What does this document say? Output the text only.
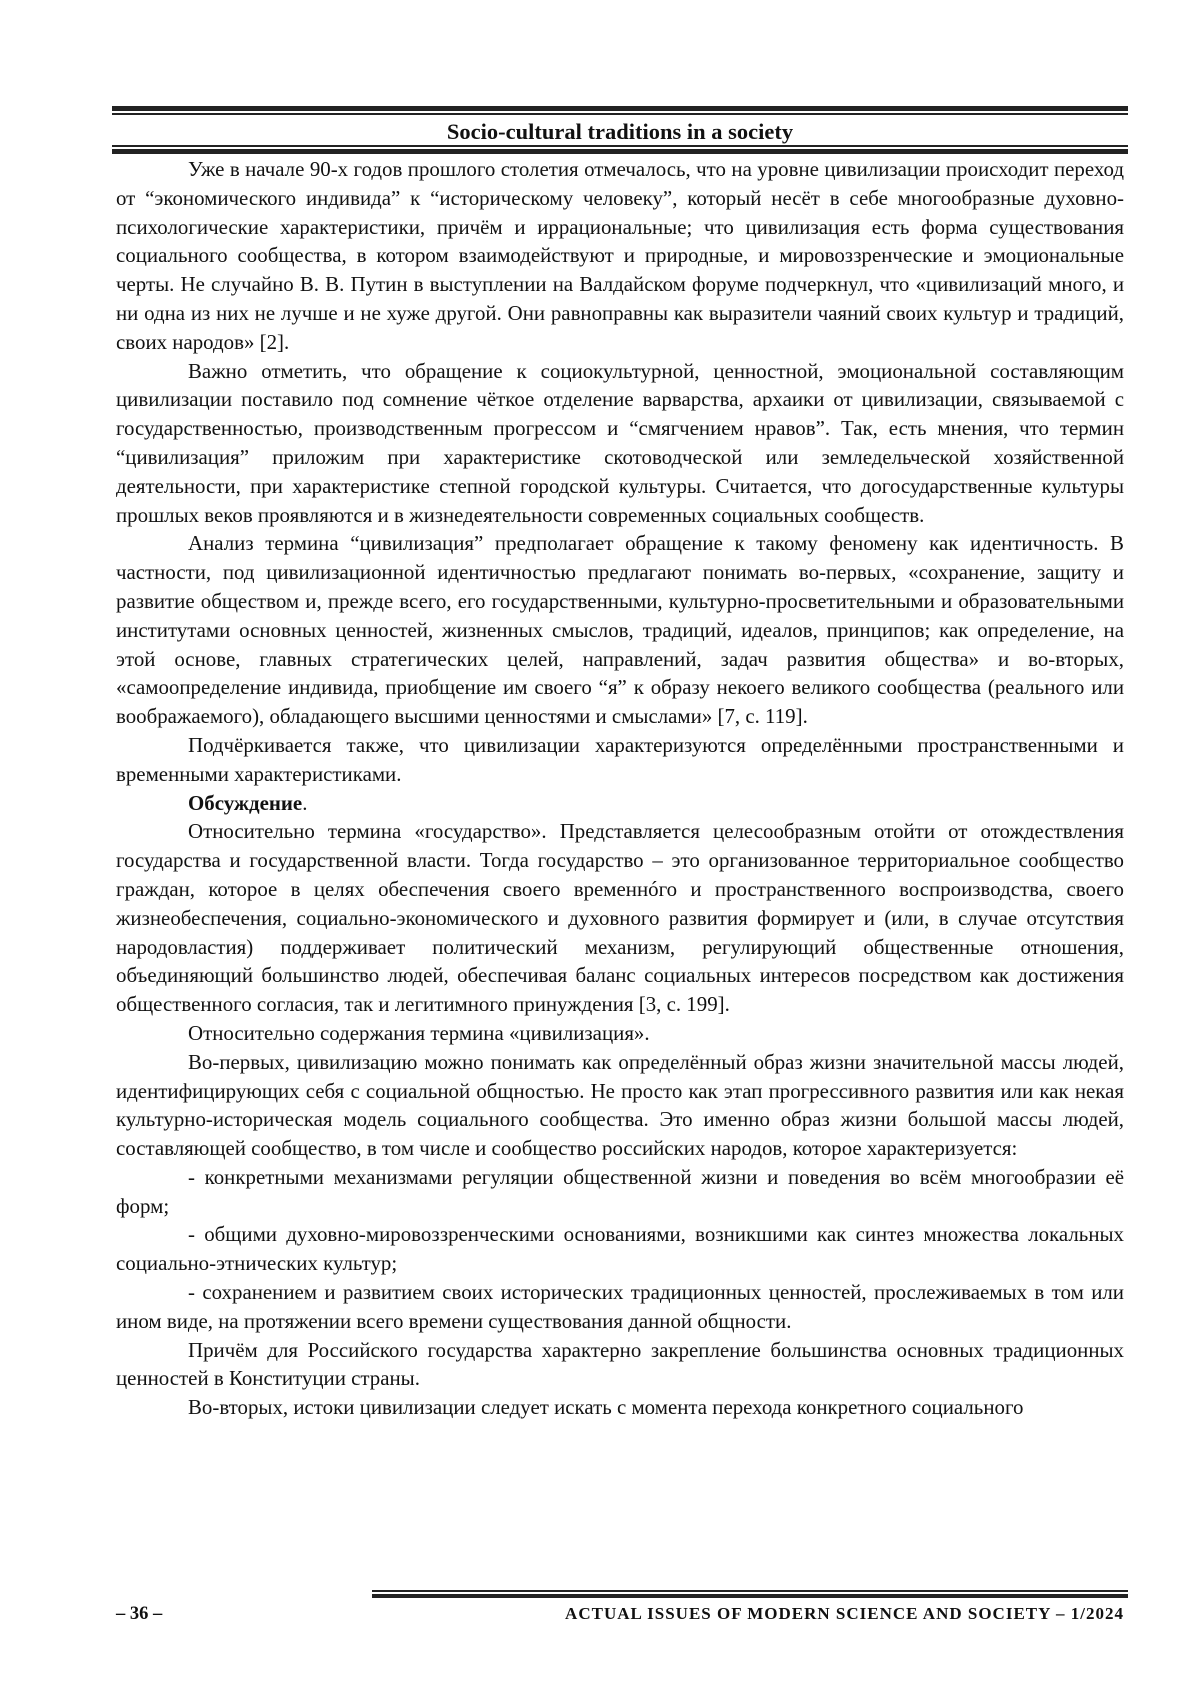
Socio-cultural traditions in a society

Уже в начале 90-х годов прошлого столетия отмечалось, что на уровне цивилизации происходит переход от “экономического индивида” к “историческому человеку”, который несёт в себе многообразные духовно-психологические характеристики, причём и иррациональные; что цивилизация есть форма существования социального сообщества, в котором взаимодействуют и природные, и мировоззренческие и эмоциональные черты. Не случайно В. В. Путин в выступлении на Валдайском форуме подчеркнул, что «цивилизаций много, и ни одна из них не лучше и не хуже другой. Они равноправны как выразители чаяний своих культур и традиций, своих народов» [2].

Важно отметить, что обращение к социокультурной, ценностной, эмоциональной составляющим цивилизации поставило под сомнение чёткое отделение варварства, архаики от цивилизации, связываемой с государственностью, производственным прогрессом и “смягчением нравов”. Так, есть мнения, что термин “цивилизация” приложим при характеристике скотоводческой или земледельческой хозяйственной деятельности, при характеристике степной городской культуры. Считается, что догосударственные культуры прошлых веков проявляются и в жизнедеятельности современных социальных сообществ.

Анализ термина “цивилизация” предполагает обращение к такому феномену как идентичность. В частности, под цивилизационной идентичностью предлагают понимать во-первых, «сохранение, защиту и развитие обществом и, прежде всего, его государственными, культурно-просветительными и образовательными институтами основных ценностей, жизненных смыслов, традиций, идеалов, принципов; как определение, на этой основе, главных стратегических целей, направлений, задач развития общества» и во-вторых, «самоопределение индивида, приобщение им своего “я” к образу некоего великого сообщества (реального или воображаемого), обладающего высшими ценностями и смыслами» [7, с. 119].

Подчёркивается также, что цивилизации характеризуются определёнными пространственными и временными характеристиками.

Обсуждение.

Относительно термина «государство». Представляется целесообразным отойти от отождествления государства и государственной власти. Тогда государство – это организованное территориальное сообщество граждан, которое в целях обеспечения своего временнóго и пространственного воспроизводства, своего жизнеобеспечения, социально-экономического и духовного развития формирует и (или, в случае отсутствия народовластия) поддерживает политический механизм, регулирующий общественные отношения, объединяющий большинство людей, обеспечивая баланс социальных интересов посредством как достижения общественного согласия, так и легитимного принуждения [3, с. 199].

Относительно содержания термина «цивилизация».

Во-первых, цивилизацию можно понимать как определённый образ жизни значительной массы людей, идентифицирующих себя с социальной общностью. Не просто как этап прогрессивного развития или как некая культурно-историческая модель социального сообщества. Это именно образ жизни большой массы людей, составляющей сообщество, в том числе и сообщество российских народов, которое характеризуется:

- конкретными механизмами регуляции общественной жизни и поведения во всём многообразии её форм;

- общими духовно-мировоззренческими основаниями, возникшими как синтез множества локальных социально-этнических культур;

- сохранением и развитием своих исторических традиционных ценностей, прослеживаемых в том или ином виде, на протяжении всего времени существования данной общности.

Причём для Российского государства характерно закрепление большинства основных традиционных ценностей в Конституции страны.

Во-вторых, истоки цивилизации следует искать с момента перехода конкретного социального

– 36 –	ACTUAL ISSUES OF MODERN SCIENCE AND SOCIETY – 1/2024
